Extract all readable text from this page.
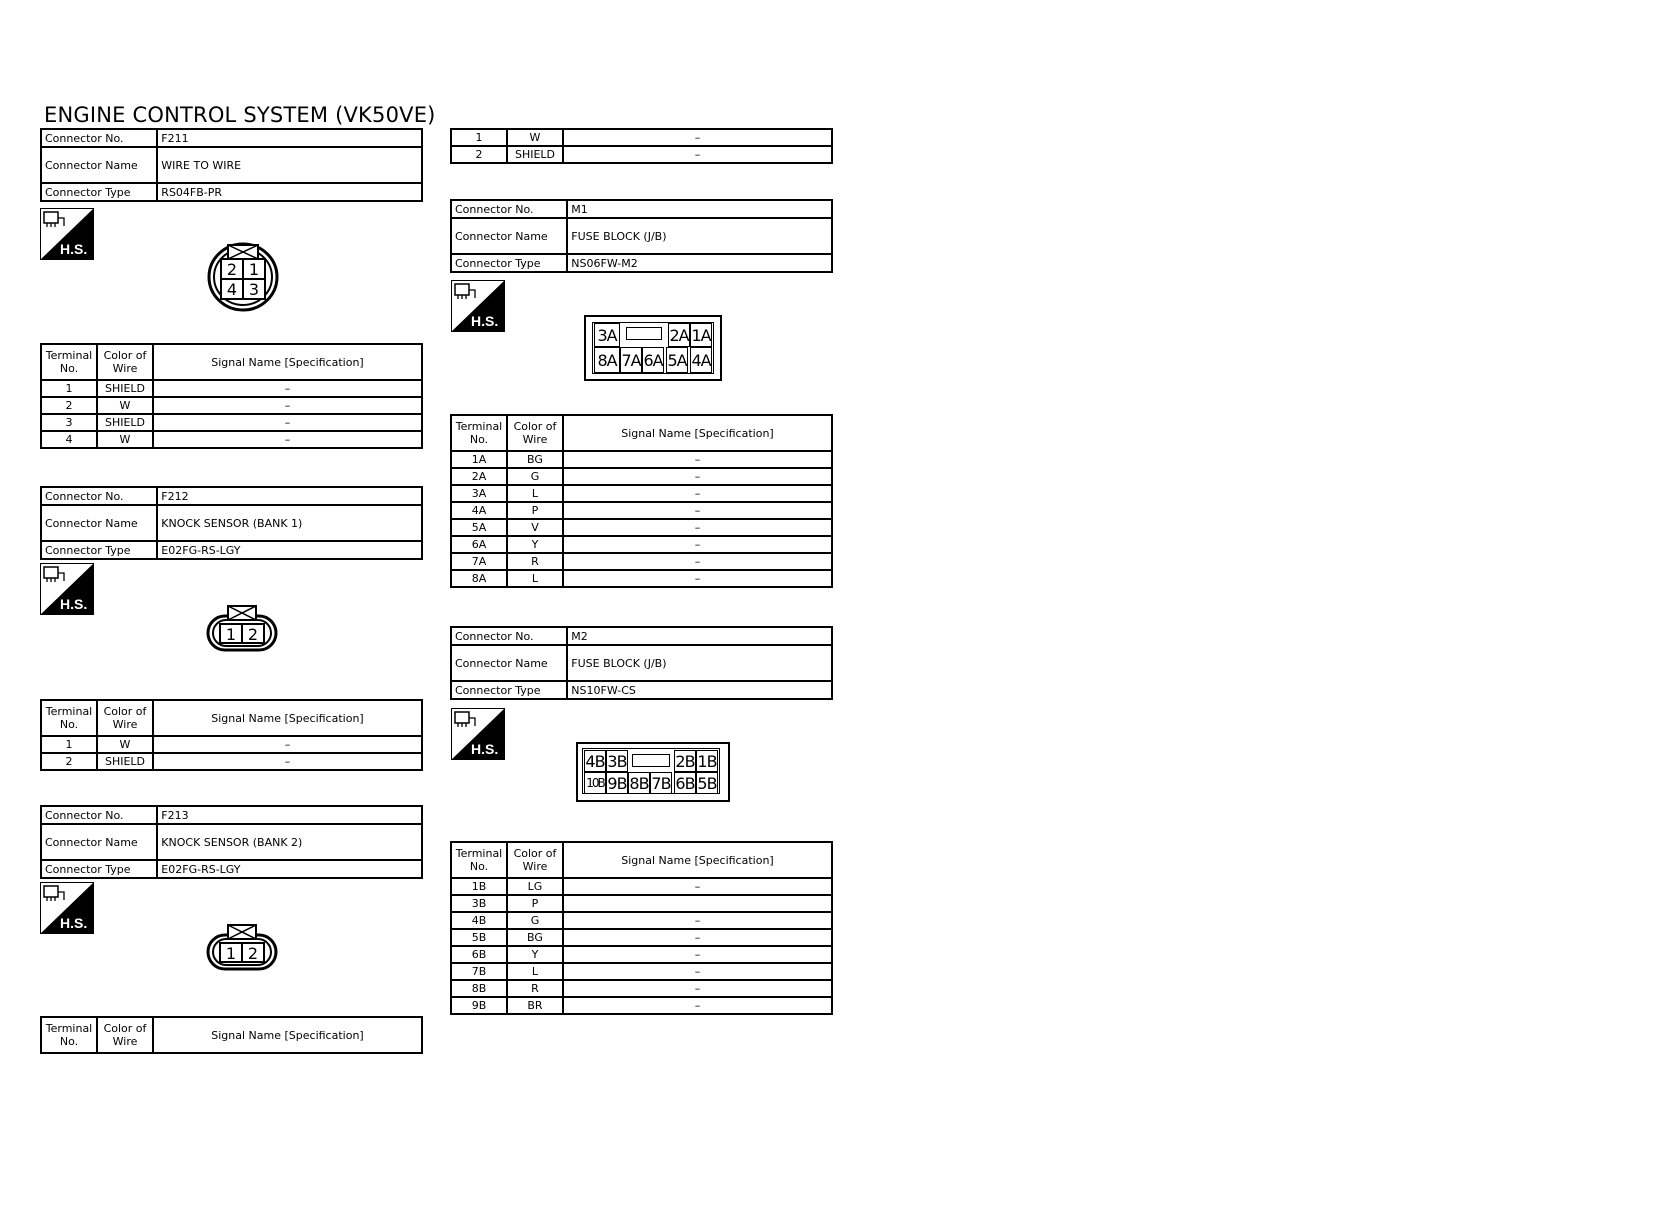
ENGINE CONTROL SYSTEM (VK50VE)
Connector No.	F211
Connector Name	WIRE TO WIRE
Connector Type	RS04FB-PR
H.S.
2 1
4 3
Terminal No.	Color of Wire	Signal Name [Specification]
1	SHIELD	–
2	W	–
3	SHIELD	–
4	W	–
Connector No.	F212
Connector Name	KNOCK SENSOR (BANK 1)
Connector Type	E02FG-RS-LGY
H.S.
1 2
Terminal No.	Color of Wire	Signal Name [Specification]
1	W	–
2	SHIELD	–
Connector No.	F213
Connector Name	KNOCK SENSOR (BANK 2)
Connector Type	E02FG-RS-LGY
H.S.
1 2
Terminal No.	Color of Wire	Signal Name [Specification]
1	W	–
2	SHIELD	–
Connector No.	M1
Connector Name	FUSE BLOCK (J/B)
Connector Type	NS06FW-M2
H.S.
3A	2A 1A
8A 7A 6A 5A 4A
Terminal No.	Color of Wire	Signal Name [Specification]
1A	BG	–
2A	G	–
3A	L	–
4A	P	–
5A	V	–
6A	Y	–
7A	R	–
8A	L	–
Connector No.	M2
Connector Name	FUSE BLOCK (J/B)
Connector Type	NS10FW-CS
H.S.
4B 3B	2B 1B
10B 9B 8B 7B 6B 5B
Terminal No.	Color of Wire	Signal Name [Specification]
1B	LG	–
3B	P	
4B	G	–
5B	BG	–
6B	Y	–
7B	L	–
8B	R	–
9B	BR	–
